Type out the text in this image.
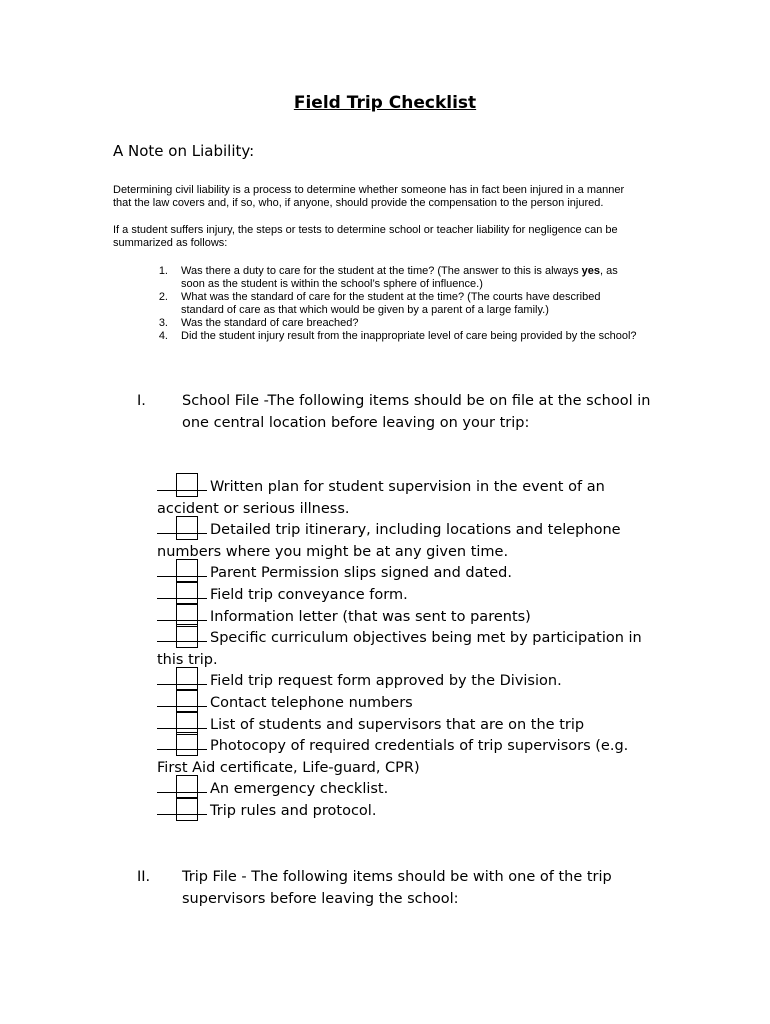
Field Trip Checklist
A Note on Liability:
Determining civil liability is a process to determine whether someone has in fact been injured in a manner
that the law covers and, if so, who, if anyone, should provide the compensation to the person injured.
If a student suffers injury, the steps or tests to determine school or teacher liability for negligence can be
summarized as follows:
1. Was there a duty to care for the student at the time? (The answer to this is always yes, as
soon as the student is within the school’s sphere of influence.)
2. What was the standard of care for the student at the time? (The courts have described
standard of care as that which would be given by a parent of a large family.)
3. Was the standard of care breached?
4. Did the student injury result from the inappropriate level of care being provided by the school?
I. School File -The following items should be on file at the school in
one central location before leaving on your trip:
Written plan for student supervision in the event of an
accident or serious illness.
Detailed trip itinerary, including locations and telephone
numbers where you might be at any given time.
Parent Permission slips signed and dated.
Field trip conveyance form.
Information letter (that was sent to parents)
Specific curriculum objectives being met by participation in
this trip.
Field trip request form approved by the Division.
Contact telephone numbers
List of students and supervisors that are on the trip
Photocopy of required credentials of trip supervisors (e.g.
First Aid certificate, Life-guard, CPR)
An emergency checklist.
Trip rules and protocol.
II. Trip File - The following items should be with one of the trip
supervisors before leaving the school:
